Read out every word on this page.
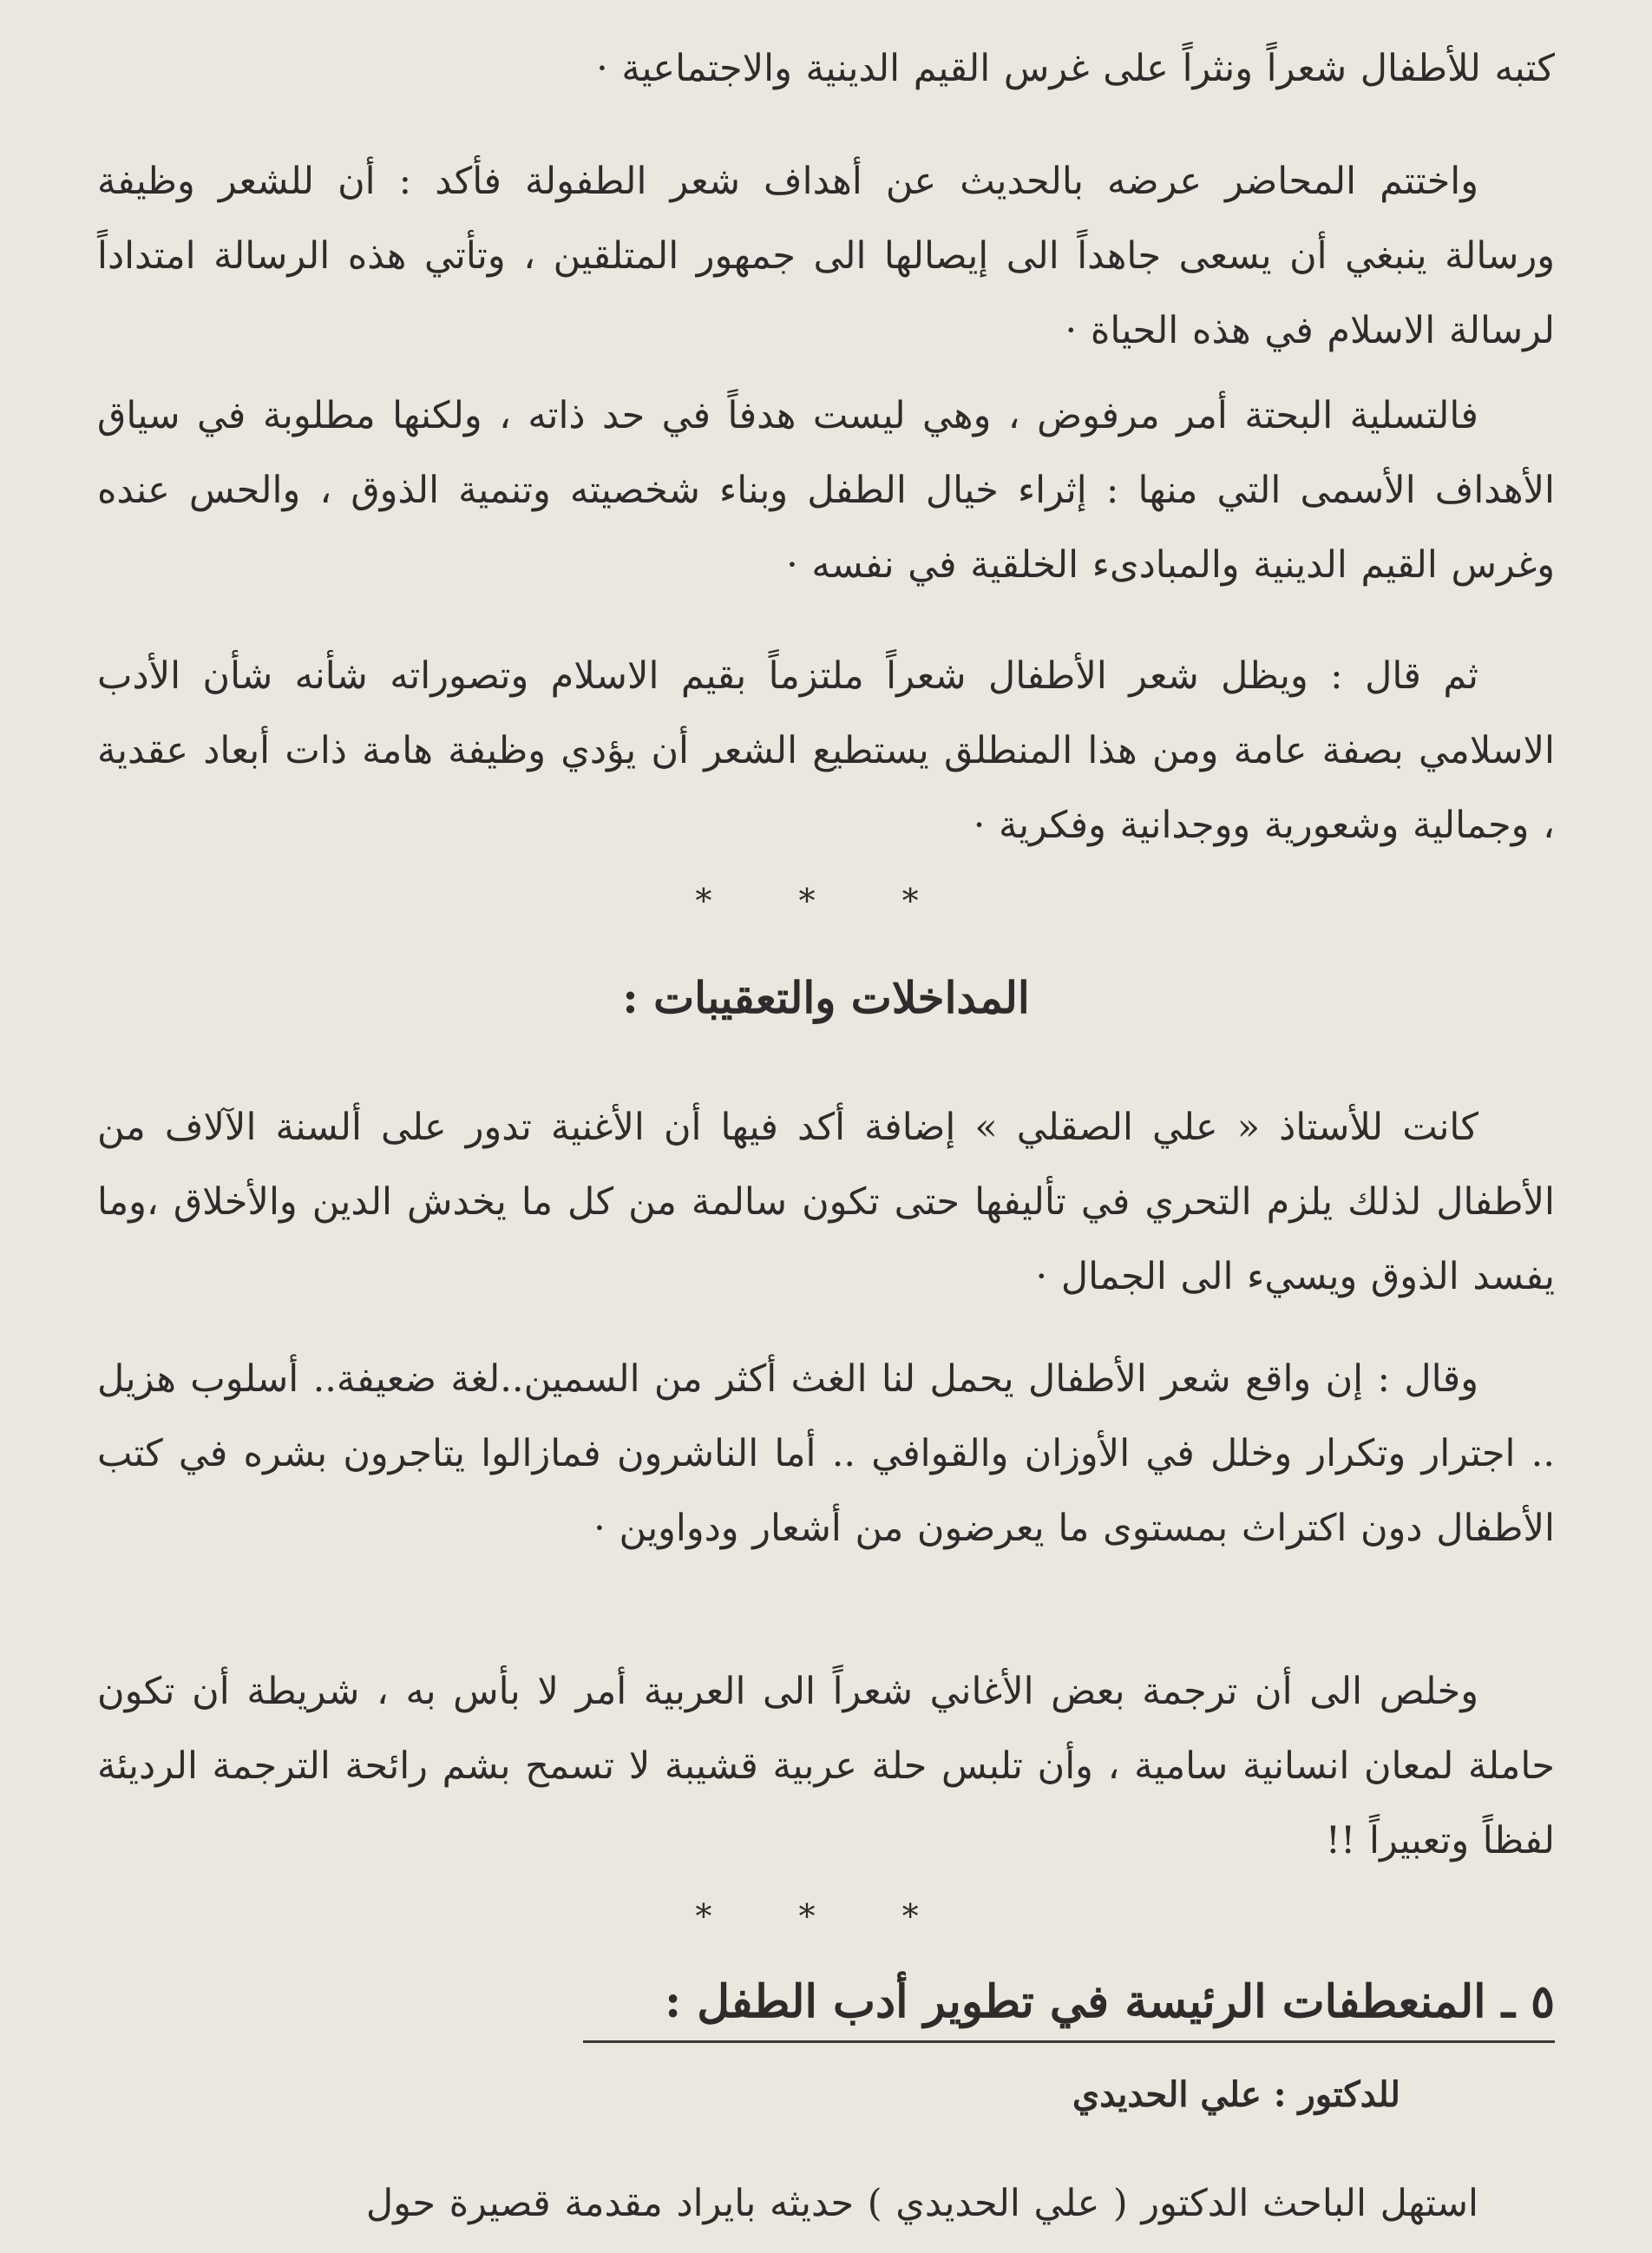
كتبه للأطفال شعراً ونثراً على غرس القيم الدينية والاجتماعية ·

واختتم المحاضر عرضه بالحديث عن أهداف شعر الطفولة فأكد : أن للشعر وظيفة ورسالة ينبغي أن يسعى جاهداً الى إيصالها الى جمهور المتلقين ، وتأتي هذه الرسالة امتداداً لرسالة الاسلام في هذه الحياة ·

فالتسلية البحتة أمر مرفوض ، وهي ليست هدفاً في حد ذاته ، ولكنها مطلوبة في سياق الأهداف الأسمى التي منها : إثراء خيال الطفل وبناء شخصيته وتنمية الذوق ، والحس عنده وغرس القيم الدينية والمبادىء الخلقية في نفسه ·

ثم قال : ويظل شعر الأطفال شعراً ملتزماً بقيم الاسلام وتصوراته شأنه شأن الأدب الاسلامي بصفة عامة ومن هذا المنطلق يستطيع الشعر أن يؤدي وظيفة هامة ذات أبعاد عقدية ، وجمالية وشعورية ووجدانية وفكرية ·

* * *
المداخلات والتعقيبات :

كانت للأستاذ « علي الصقلي » إضافة أكد فيها أن الأغنية تدور على ألسنة الآلاف من الأطفال لذلك يلزم التحري في تأليفها حتى تكون سالمة من كل ما يخدش الدين والأخلاق ،وما يفسد الذوق ويسيء الى الجمال ·

وقال : إن واقع شعر الأطفال يحمل لنا الغث أكثر من السمين..لغة ضعيفة.. أسلوب هزيل .. اجترار وتكرار وخلل في الأوزان والقوافي .. أما الناشرون فمازالوا يتاجرون بشره في كتب الأطفال دون اكتراث بمستوى ما يعرضون من أشعار ودواوين ·

وخلص الى أن ترجمة بعض الأغاني شعراً الى العربية أمر لا بأس به ، شريطة أن تكون حاملة لمعان انسانية سامية ، وأن تلبس حلة عربية قشيبة لا تسمح بشم رائحة الترجمة الرديئة لفظاً وتعبيراً !!

* * *
٥ ـ المنعطفات الرئيسة في تطوير أدب الطفل :

للدكتور : علي الحديدي

استهل الباحث الدكتور ( علي الحديدي ) حديثه بايراد مقدمة قصيرة حول
